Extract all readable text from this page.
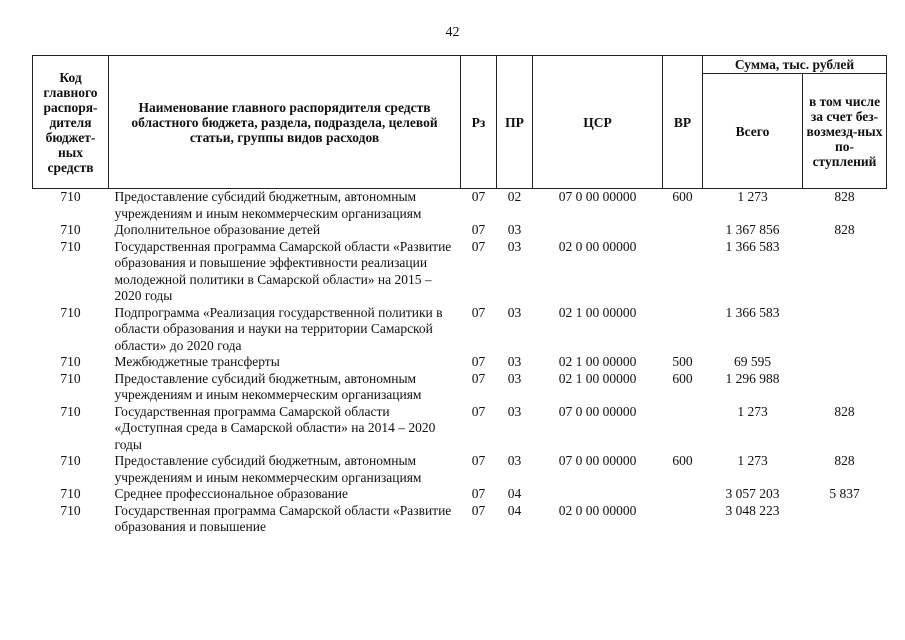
42
Код главного распоря-дителя бюджет-ных средств	Наименование главного распорядителя средств областного бюджета, раздела, подраздела, целевой статьи, группы видов расходов	Рз	ПР	ЦСР	ВР	Сумма, тыс. рублей	
						Всего	в том числе за счет без-возмезд-ных по-ступлений
710	Предоставление субсидий бюджетным, автономным учреждениям и иным некоммерческим организациям	07	02	07 0 00 00000	600	1 273	828
710	Дополнительное образование детей	07	03			1 367 856	828
710	Государственная программа Самарской области «Развитие образования и повышение эффективности реализации молодежной политики в Самарской области» на 2015 – 2020 годы	07	03	02 0 00 00000		1 366 583	
710	Подпрограмма «Реализация государственной политики в области образования и науки на территории Самарской области» до 2020 года	07	03	02 1 00 00000		1 366 583	
710	Межбюджетные трансферты	07	03	02 1 00 00000	500	69 595	
710	Предоставление субсидий бюджетным, автономным учреждениям и иным некоммерческим организациям	07	03	02 1 00 00000	600	1 296 988	
710	Государственная программа Самарской области «Доступная среда в Самарской области» на 2014 – 2020 годы	07	03	07 0 00 00000		1 273	828
710	Предоставление субсидий бюджетным, автономным учреждениям и иным некоммерческим организациям	07	03	07 0 00 00000	600	1 273	828
710	Среднее профессиональное образование	07	04			3 057 203	5 837
710	Государственная программа Самарской области «Развитие образования и повышение	07	04	02 0 00 00000		3 048 223	
